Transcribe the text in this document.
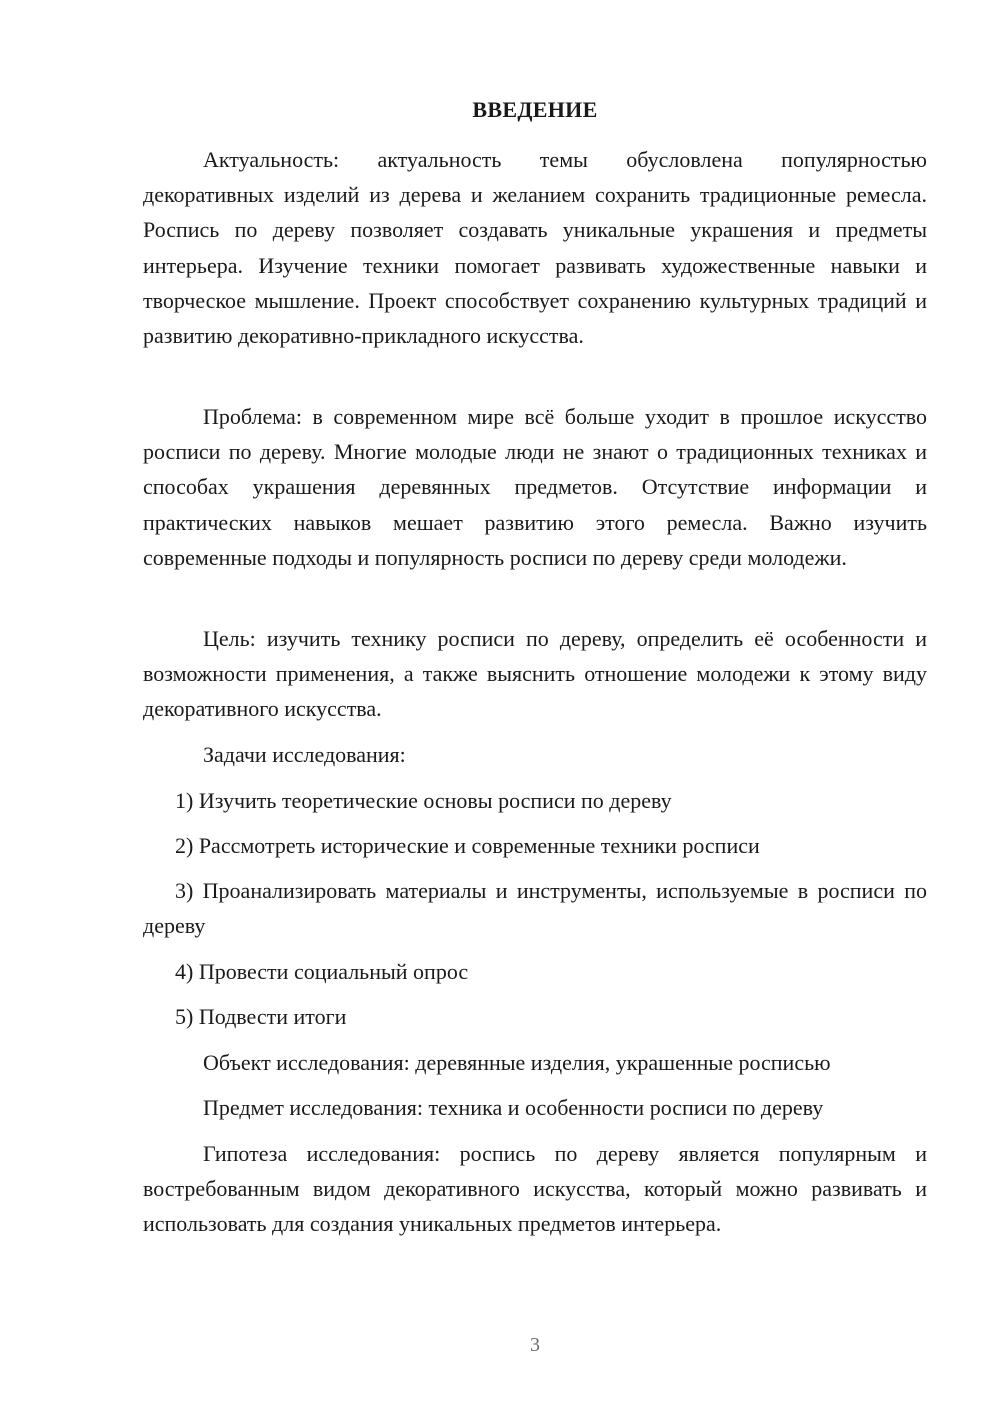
ВВЕДЕНИЕ

Актуальность: актуальность темы обусловлена популярностью декоративных изделий из дерева и желанием сохранить традиционные ремесла. Роспись по дереву позволяет создавать уникальные украшения и предметы интерьера. Изучение техники помогает развивать художественные навыки и творческое мышление. Проект способствует сохранению культурных традиций и развитию декоративно-прикладного искусства.

Проблема: в современном мире всё больше уходит в прошлое искусство росписи по дереву. Многие молодые люди не знают о традиционных техниках и способах украшения деревянных предметов. Отсутствие информации и практических навыков мешает развитию этого ремесла. Важно изучить современные подходы и популярность росписи по дереву среди молодежи.

Цель: изучить технику росписи по дереву, определить её особенности и возможности применения, а также выяснить отношение молодежи к этому виду декоративного искусства.

Задачи исследования:

1) Изучить теоретические основы росписи по дереву

2) Рассмотреть исторические и современные техники росписи

3) Проанализировать материалы и инструменты, используемые в росписи по дереву

4) Провести социальный опрос

5) Подвести итоги

Объект исследования: деревянные изделия, украшенные росписью

Предмет исследования: техника и особенности росписи по дереву

Гипотеза исследования: роспись по дереву является популярным и востребованным видом декоративного искусства, который можно развивать и использовать для создания уникальных предметов интерьера.

3
